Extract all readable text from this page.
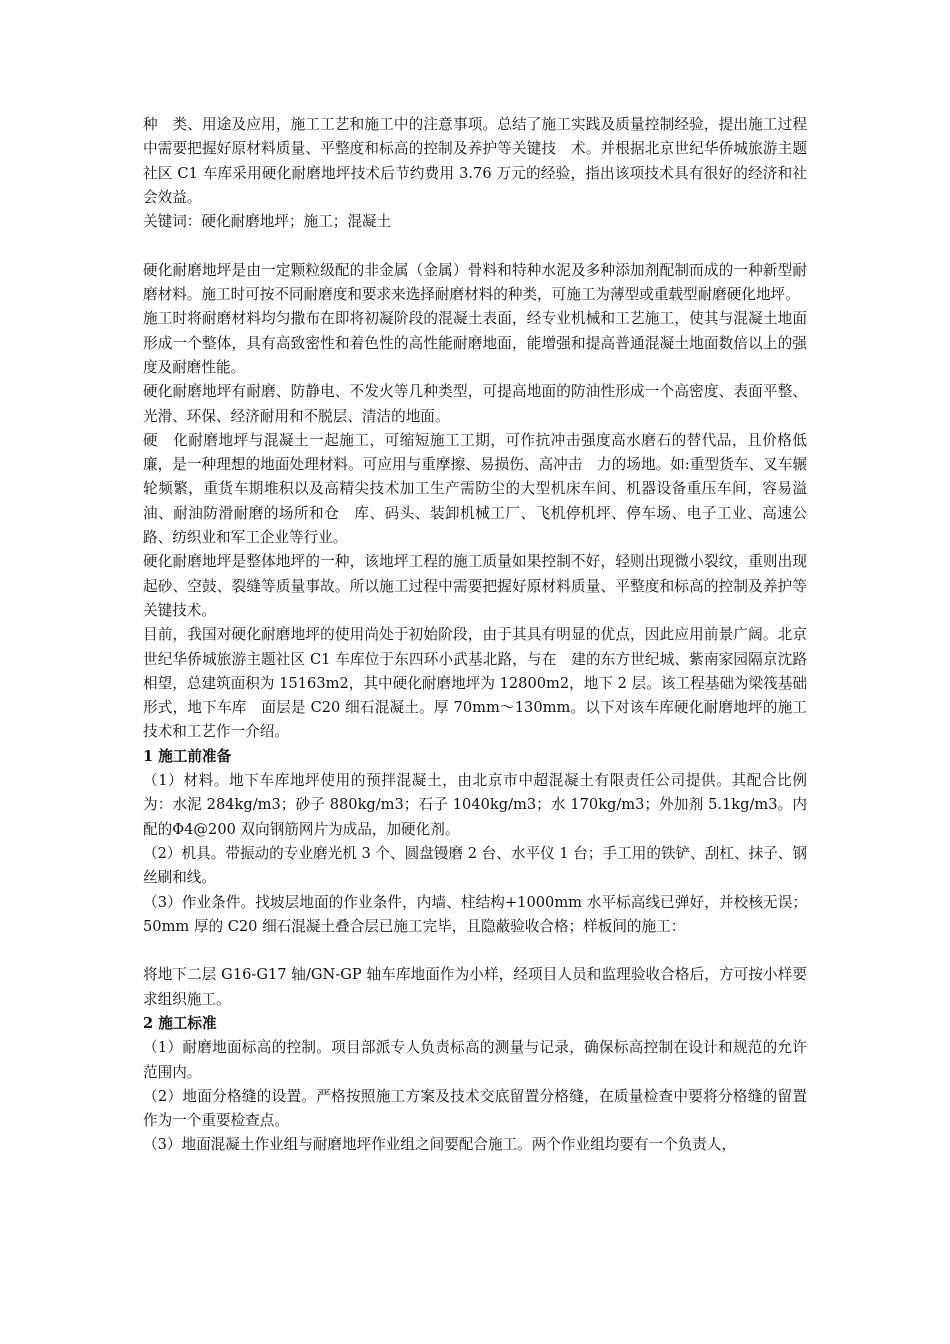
种　类、用途及应用，施工工艺和施工中的注意事项。总结了施工实践及质量控制经验，提出施工过程中需要把握好原材料质量、平整度和标高的控制及养护等关键技　术。并根据北京世纪华侨城旅游主题社区 C1 车库采用硬化耐磨地坪技术后节约费用 3.76 万元的经验，指出该项技术具有很好的经济和社会效益。

关键词：硬化耐磨地坪；施工；混凝土

硬化耐磨地坪是由一定颗粒级配的非金属（金属）骨料和特种水泥及多种添加剂配制而成的一种新型耐磨材料。施工时可按不同耐磨度和要求来选择耐磨材料的种类，可施工为薄型或重载型耐磨硬化地坪。

施工时将耐磨材料均匀撒布在即将初凝阶段的混凝土表面，经专业机械和工艺施工，使其与混凝土地面形成一个整体，具有高致密性和着色性的高性能耐磨地面，能增强和提高普通混凝土地面数倍以上的强度及耐磨性能。

硬化耐磨地坪有耐磨、防静电、不发火等几种类型，可提高地面的防油性形成一个高密度、表面平整、光滑、环保、经济耐用和不脱层、清洁的地面。

硬　化耐磨地坪与混凝土一起施工，可缩短施工工期，可作抗冲击强度高水磨石的替代品，且价格低廉，是一种理想的地面处理材料。可应用与重摩擦、易损伤、高冲击　力的场地。如:重型货车、叉车辗轮频繁，重货车期堆积以及高精尖技术加工生产需防尘的大型机床车间、机器设备重压车间，容易溢油、耐油防滑耐磨的场所和仓　库、码头、装卸机械工厂、飞机停机坪、停车场、电子工业、高速公路、纺织业和军工企业等行业。

硬化耐磨地坪是整体地坪的一种，该地坪工程的施工质量如果控制不好，轻则出现微小裂纹，重则出现起砂、空鼓、裂缝等质量事故。所以施工过程中需要把握好原材料质量、平整度和标高的控制及养护等关键技术。

目前，我国对硬化耐磨地坪的使用尚处于初始阶段，由于其具有明显的优点，因此应用前景广阔。北京世纪华侨城旅游主题社区 C1 车库位于东四环小武基北路，与在　建的东方世纪城、紫南家园隔京沈路相望，总建筑面积为 15163m2，其中硬化耐磨地坪为 12800m2，地下 2 层。该工程基础为梁筏基础形式，地下车库　面层是 C20 细石混凝土。厚 70mm～130mm。以下对该车库硬化耐磨地坪的施工技术和工艺作一介绍。

1 施工前准备

（1）材料。地下车库地坪使用的预拌混凝土，由北京市中超混凝土有限责任公司提供。其配合比例为：水泥 284kg/m3；砂子 880kg/m3；石子 1040kg/m3；水 170kg/m3；外加剂 5.1kg/m3。内配的Φ4@200 双向钢筋网片为成品，加硬化剂。

（2）机具。带振动的专业磨光机 3 个、圆盘镘磨 2 台、水平仪 1 台；手工用的铁铲、刮杠、抹子、钢丝刷和线。

（3）作业条件。找坡层地面的作业条件，内墙、柱结构+1000mm 水平标高线已弹好，并校核无误；50mm 厚的 C20 细石混凝土叠合层已施工完毕，且隐蔽验收合格；样板间的施工：

将地下二层 G16-G17 轴/GN-GP 轴车库地面作为小样，经项目人员和监理验收合格后，方可按小样要求组织施工。

2 施工标准

（1）耐磨地面标高的控制。项目部派专人负责标高的测量与记录，确保标高控制在设计和规范的允许范围内。

（2）地面分格缝的设置。严格按照施工方案及技术交底留置分格缝，在质量检查中要将分格缝的留置作为一个重要检查点。

（3）地面混凝土作业组与耐磨地坪作业组之间要配合施工。两个作业组均要有一个负责人，
